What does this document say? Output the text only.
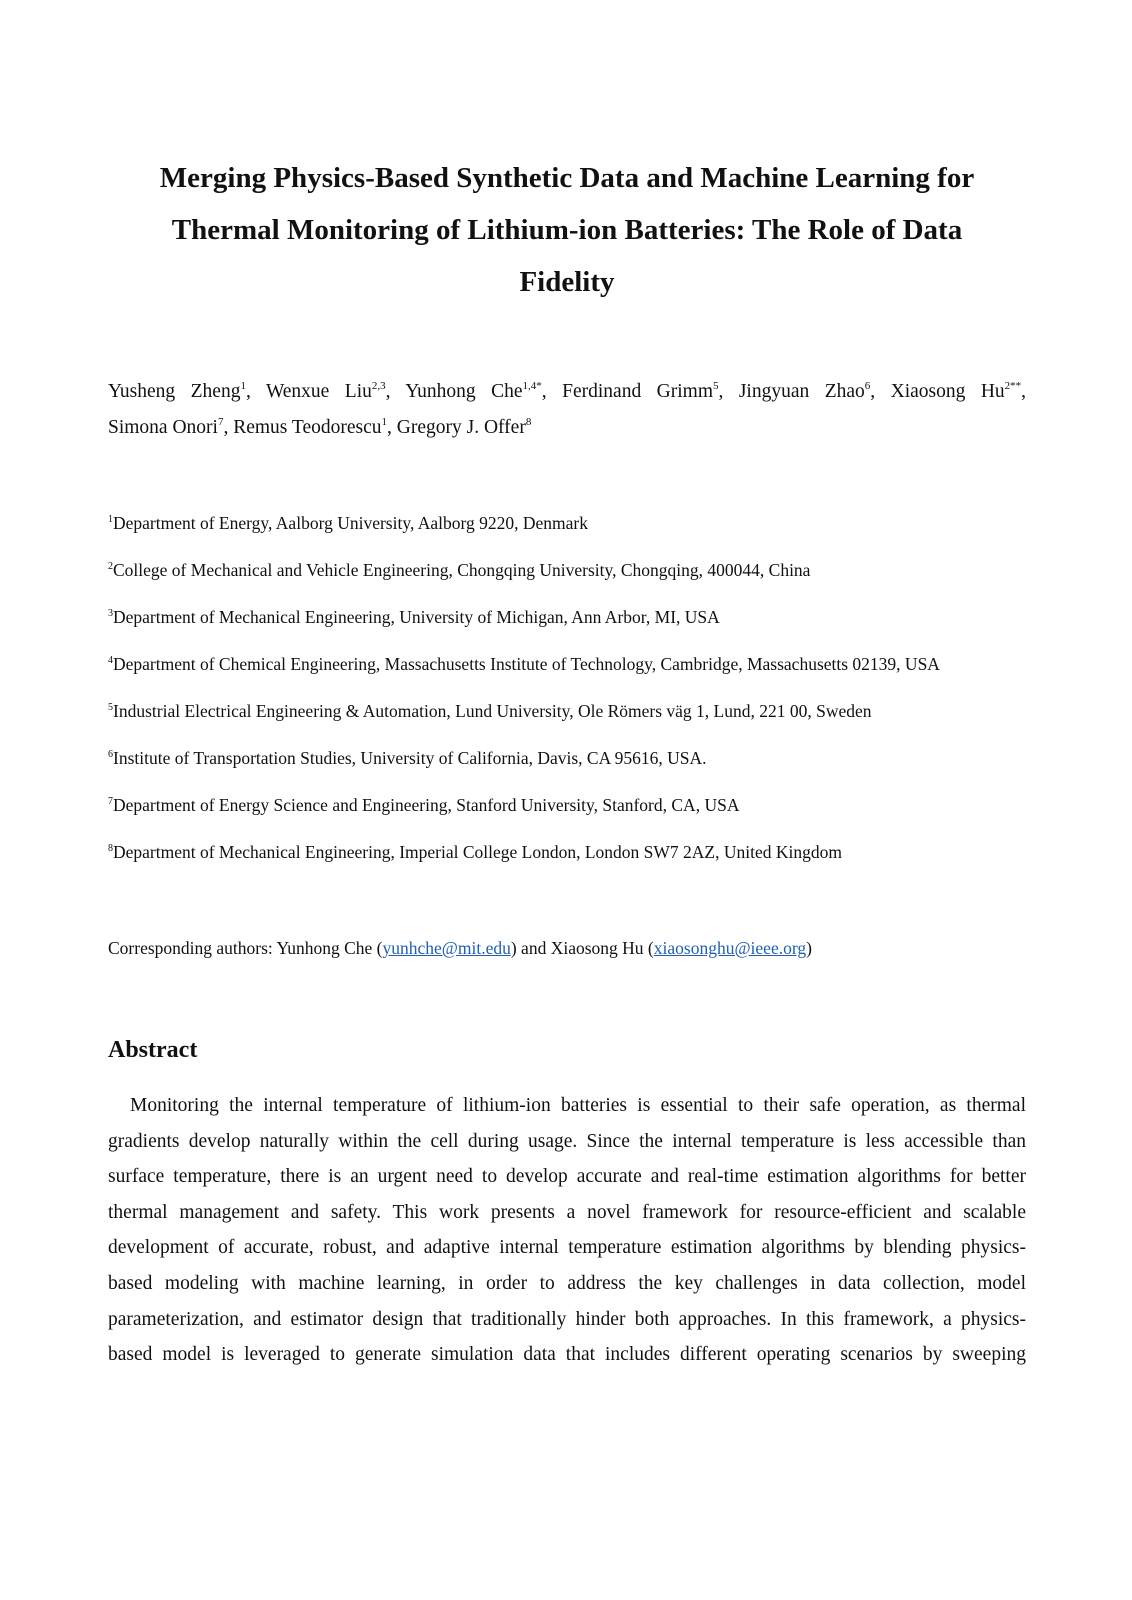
Merging Physics-Based Synthetic Data and Machine Learning for
Thermal Monitoring of Lithium-ion Batteries: The Role of Data
Fidelity
Yusheng Zheng$^1$, Wenxue Liu$^{2,3}$, Yunhong Che$^{1,4*}$, Ferdinand Grimm$^5$, Jingyuan Zhao$^6$, Xiaosong $Hu^{2**}$,
Simona Onori$^7$, Remus Teodorescu$^1$, Gregory J. Offer$^8$
$^1$Department of Energy, Aalborg University, Aalborg 9220, Denmark
$^2$College of Mechanical and Vehicle Engineering, Chongqing University, Chongqing, 400044, China
$^3$Department of Mechanical Engineering, University of Michigan, Ann Arbor, MI, USA
$^4$Department of Chemical Engineering, Massachusetts Institute of Technology, Cambridge, Massachusetts 02139, USA
$^5$Industrial Electrical Engineering & Automation, Lund University, Ole Römers väg 1, Lund, 221 00, Sweden
$^6$Institute of Transportation Studies, University of California, Davis, CA 95616, USA.
$^7$Department of Energy Science and Engineering, Stanford University, Stanford, CA, USA
$^8$Department of Mechanical Engineering, Imperial College London, London SW7 2AZ, United Kingdom
Corresponding authors: Yunhong Che (yunhche@mit.edu) and Xiaosong Hu (xiaosonghu@ieee.org)
Abstract
Monitoring the internal temperature of lithium-ion batteries is essential to their safe operation, as thermal
gradients develop naturally within the cell during usage. Since the internal temperature is less accessible than
surface temperature, there is an urgent need to develop accurate and real-time estimation algorithms for better
thermal management and safety. This work presents a novel framework for resource-efficient and scalable
development of accurate, robust, and adaptive internal temperature estimation algorithms by blending physics-
based modeling with machine learning, in order to address the key challenges in data collection, model
parameterization, and estimator design that traditionally hinder both approaches. In this framework, a physics-
based model is leveraged to generate simulation data that includes different operating scenarios by sweeping
